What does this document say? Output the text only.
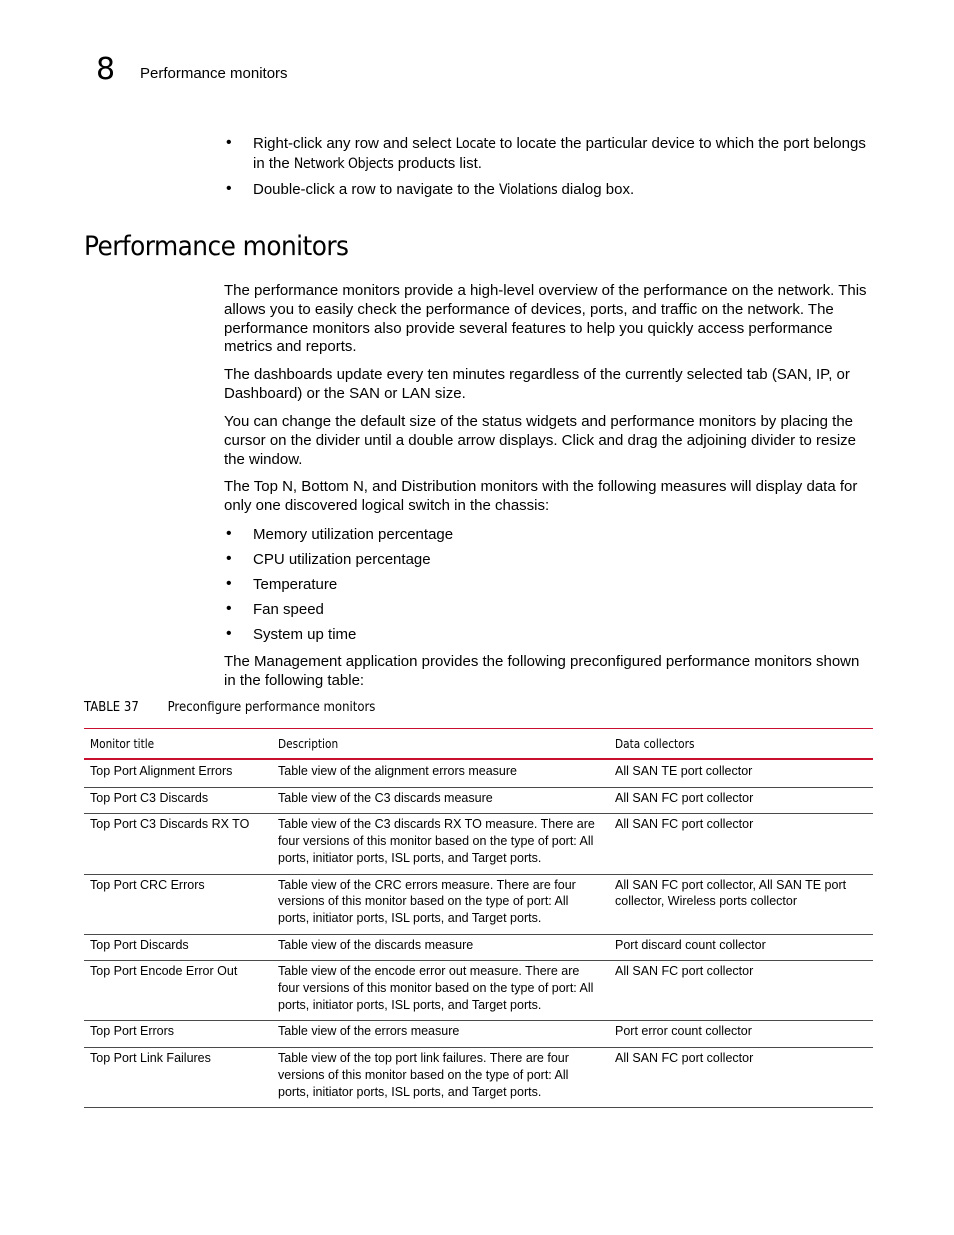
8 Performance monitors
• Right-click any row and select Locate to locate the particular device to which the port belongs in the Network Objects products list.
• Double-click a row to navigate to the Violations dialog box.
Performance monitors

The performance monitors provide a high-level overview of the performance on the network. This allows you to easily check the performance of devices, ports, and traffic on the network. The performance monitors also provide several features to help you quickly access performance metrics and reports.

The dashboards update every ten minutes regardless of the currently selected tab (SAN, IP, or Dashboard) or the SAN or LAN size.

You can change the default size of the status widgets and performance monitors by placing the cursor on the divider until a double arrow displays. Click and drag the adjoining divider to resize the window.

The Top N, Bottom N, and Distribution monitors with the following measures will display data for only one discovered logical switch in the chassis:

• Memory utilization percentage
• CPU utilization percentage
• Temperature
• Fan speed
• System up time

The Management application provides the following preconfigured performance monitors shown in the following table:

TABLE 37 Preconfigure performance monitors
Monitor title	Description	Data collectors
Top Port Alignment Errors	Table view of the alignment errors measure	All SAN TE port collector
Top Port C3 Discards	Table view of the C3 discards measure	All SAN FC port collector
Top Port C3 Discards RX TO	Table view of the C3 discards RX TO measure. There are four versions of this monitor based on the type of port: All ports, initiator ports, ISL ports, and Target ports.	All SAN FC port collector
Top Port CRC Errors	Table view of the CRC errors measure. There are four versions of this monitor based on the type of port: All ports, initiator ports, ISL ports, and Target ports.	All SAN FC port collector, All SAN TE port collector, Wireless ports collector
Top Port Discards	Table view of the discards measure	Port discard count collector
Top Port Encode Error Out	Table view of the encode error out measure. There are four versions of this monitor based on the type of port: All ports, initiator ports, ISL ports, and Target ports.	All SAN FC port collector
Top Port Errors	Table view of the errors measure	Port error count collector
Top Port Link Failures	Table view of the top port link failures. There are four versions of this monitor based on the type of port: All ports, initiator ports, ISL ports, and Target ports.	All SAN FC port collector
